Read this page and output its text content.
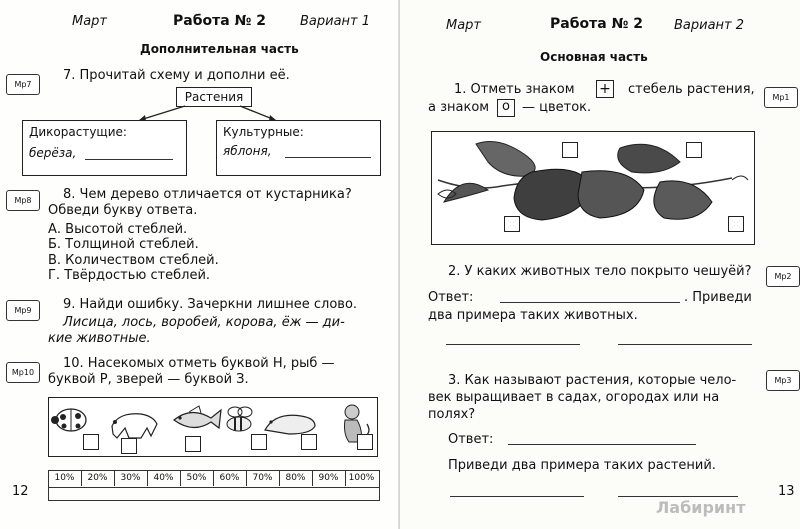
Март	Работа № 2	Вариант 1
Дополнительная часть
Мр7
7. Прочитай схему и дополни её.
Растения
Дикорастущие:
берёза,
Культурные:
яблоня,
Мр8	8. Чем дерево отличается от кустарника?
Обведи букву ответа.
А. Высотой стеблей.
Б. Толщиной стеблей.
В. Количеством стеблей.
Г. Твёрдостью стеблей.
Мр9	9. Найди ошибку. Зачеркни лишнее слово.
Лисица, лось, воробей, корова, ёж — ди-
кие животные.
Мр10
10. Насекомых отметь буквой Н, рыб —
буквой Р, зверей — буквой З.
10%	20%	30%	40%	50%	60%	70%	80%	90%	100%
12
Март	Работа № 2 Вариант 2
Основная часть
1. Отметь знаком + стебель растения,
а знаком о — цветок.
Мр1
2. У каких животных тело покрыто чешуёй?	Мр2
Ответ:	. Приведи
два примера таких животных.
3. Как называют растения, которые чело-	Мр3
век выращивает в садах, огородах или на
полях?
Ответ:
Приведи два примера таких растений.
Лабиринт
13
